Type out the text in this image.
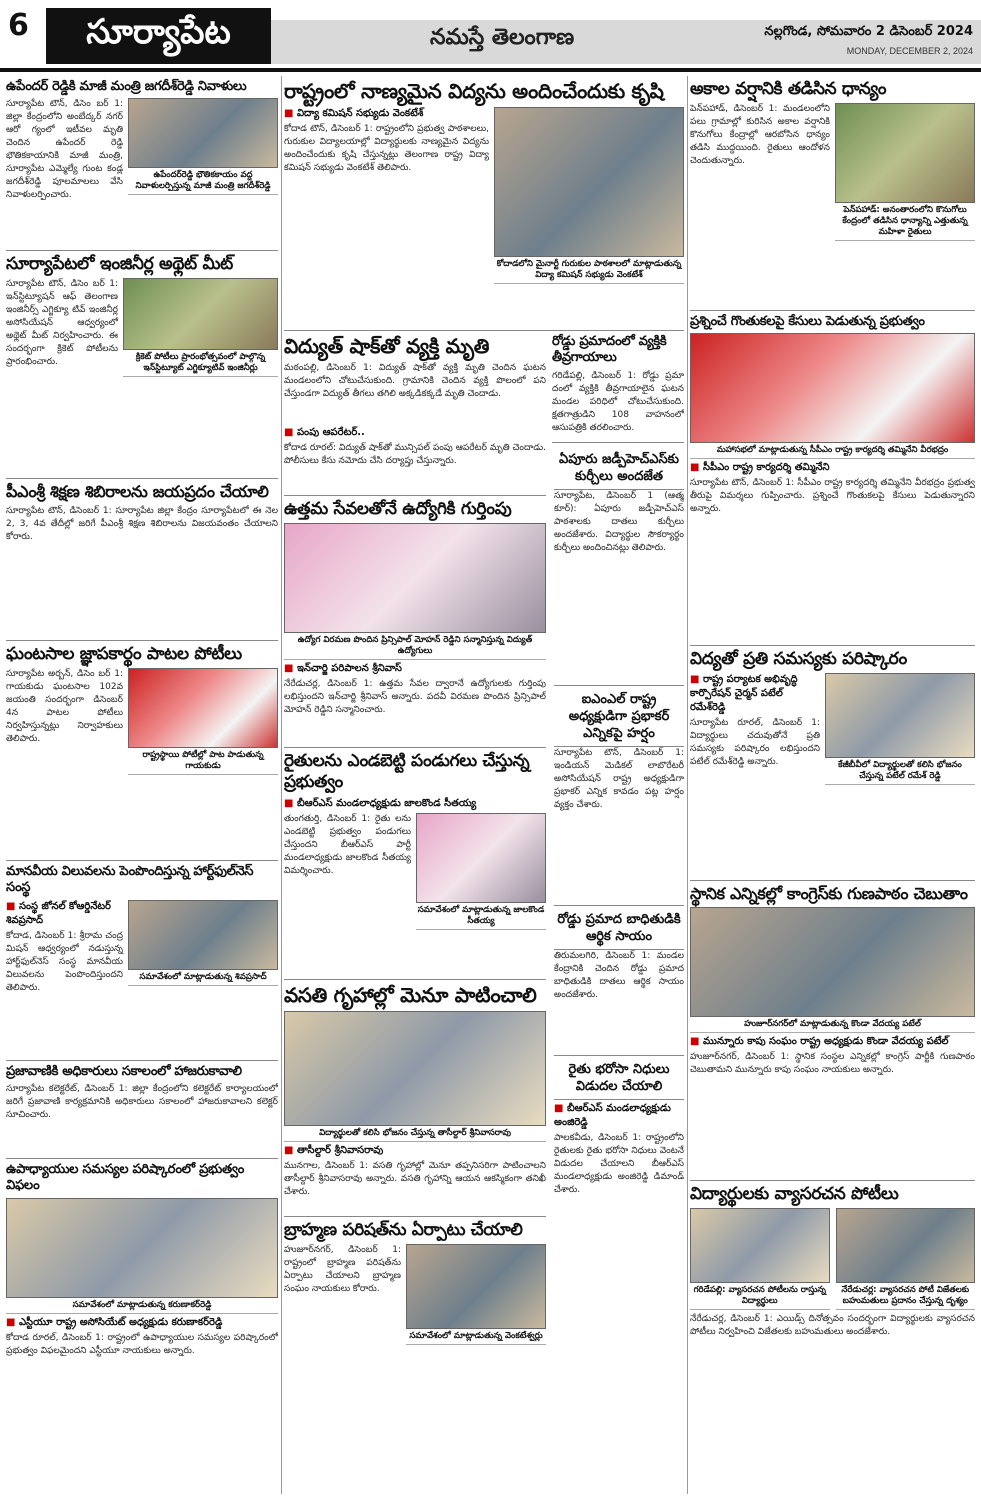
6	సూర్యాపేట	నమస్తే తెలంగాణ	నల్లగొండ, సోమవారం 2 డిసెంబర్ 2024
MONDAY, DECEMBER 2, 2024
ఉపేందర్ రెడ్డికి మాజీ మంత్రి జగదీశ్‌రెడ్డి నివాళులు
ఉపేందర్‌రెడ్డి భౌతికకాయం వద్ద నివాళులర్పిస్తున్న మాజీ మంత్రి జగదీశ్‌రెడ్డి
సూర్యాపేట టౌన్, డిసెం బర్ 1: జిల్లా కేంద్రంలోని అంబేద్కర్ నగర్ ఆరో గ్యంలో ఇటీవల మృతి చెందిన ఉపేందర్ రెడ్డి భౌతికకాయానికి మాజీ మంత్రి, సూర్యాపేట ఎమ్మెల్యే గుంట కండ్ల జగదీశ్‌రెడ్డి పూలమాలలు వేసి నివాళులర్పించారు.
సూర్యాపేటలో ఇంజినీర్ల అథ్లెట్ మీట్
క్రికెట్ పోటీలు ప్రారంభోత్సవంలో పాల్గొన్న ఇన్‌స్టిట్యూట్ ఎగ్జిక్యూటివ్ ఇంజినీర్లు
సూర్యాపేట టౌన్, డిసెం బర్ 1: ఇన్‌స్టిట్యూషన్ ఆఫ్ తెలంగాణ ఇంజినీర్స్ ఎగ్జిక్యూ టివ్ ఇంజినీర్ల అసోసియేషన్ ఆధ్వర్యంలో అథ్లెట్ మీట్ నిర్వహించారు. ఈ సందర్భంగా క్రికెట్ పోటీలను ప్రారంభించారు.
పీఎంశ్రీ శిక్షణ శిబిరాలను జయప్రదం చేయాలి
సూర్యాపేట టౌన్, డిసెంబర్ 1: సూర్యాపేట జిల్లా కేంద్రం సూర్యాపేటలో ఈ నెల 2, 3, 4వ తేదీల్లో జరిగే పీఎంశ్రీ శిక్షణ శిబిరాలను విజయవంతం చేయాలని కోరారు.
ఘంటసాల జ్ఞాపకార్థం పాటల పోటీలు
రాష్ట్రస్థాయి పోటీల్లో పాట పాడుతున్న గాయకుడు
సూర్యాపేట అర్బన్, డిసెం బర్ 1: గాయకుడు ఘంటసాల 102వ జయంతి సందర్భంగా డిసెంబర్ 4న పాటల పోటీలు నిర్వహిస్తున్నట్లు నిర్వాహకులు తెలిపారు.
మానవీయ విలువలను పెంపొందిస్తున్న హార్ట్‌ఫుల్‌నెస్ సంస్థ
సమావేశంలో మాట్లాడుతున్న శివప్రసాద్
■ సంస్థ జోనల్ కోఆర్డినేటర్ శివప్రసాద్
కోదాడ, డిసెంబర్ 1: శ్రీరామ చంద్ర మిషన్ ఆధ్వర్యంలో నడుస్తున్న హార్ట్‌ఫుల్‌నెస్ సంస్థ మానవీయ విలువలను పెంపొందిస్తుందని తెలిపారు.
ప్రజావాణికి అధికారులు సకాలంలో హాజరుకావాలి
సూర్యాపేట కలెక్టరేట్, డిసెంబర్ 1: జిల్లా కేంద్రంలోని కలెక్టరేట్ కార్యాలయంలో జరిగే ప్రజావాణి కార్యక్రమానికి అధికారులు సకాలంలో హాజరుకావాలని కలెక్టర్ సూచించారు.
ఉపాధ్యాయుల సమస్యల పరిష్కారంలో ప్రభుత్వం విఫలం
సమావేశంలో మాట్లాడుతున్న కరుణాకర్‌రెడ్డి
■ ఎస్టీయూ రాష్ట్ర అసోసియేట్ అధ్యక్షుడు కరుణాకర్‌రెడ్డి
కోదాడ రూరల్, డిసెంబర్ 1: రాష్ట్రంలో ఉపాధ్యాయుల సమస్యల పరిష్కారంలో ప్రభుత్వం విఫలమైందని ఎస్టీయూ నాయకులు అన్నారు.
రాష్ట్రంలో నాణ్యమైన విద్యను అందించేందుకు కృషి
కోదాడలోని మైనార్టీ గురుకుల పాఠశాలలో మాట్లాడుతున్న విద్యా కమిషన్ సభ్యుడు వెంకటేశ్
■ విద్యా కమిషన్ సభ్యుడు వెంకటేశ్
కోదాడ టౌన్, డిసెంబర్ 1: రాష్ట్రంలోని ప్రభుత్వ పాఠశాలలు, గురుకుల విద్యాలయాల్లో విద్యార్థులకు నాణ్యమైన విద్యను అందించేందుకు కృషి చేస్తున్నట్లు తెలంగాణ రాష్ట్ర విద్యా కమిషన్ సభ్యుడు వెంకటేశ్ తెలిపారు.
విద్యుత్ షాక్‌తో వ్యక్తి మృతి
మఠంపల్లి, డిసెంబర్ 1: విద్యుత్ షాక్‌తో వ్యక్తి మృతి చెందిన ఘటన మండలంలోని చోటుచేసుకుంది. గ్రామానికి చెందిన వ్యక్తి పొలంలో పని చేస్తుండగా విద్యుత్ తీగలు తగిలి అక్కడికక్కడే మృతి చెందాడు.
రోడ్డు ప్రమాదంలో వ్యక్తికి తీవ్రగాయాలు
గరిడేపల్లి, డిసెంబర్ 1: రోడ్డు ప్రమా దంలో వ్యక్తికి తీవ్రగాయాలైన ఘటన మండల పరిధిలో చోటుచేసుకుంది. క్షతగాత్రుడిని 108 వాహనంలో ఆసుపత్రికి తరలించారు.
ఉత్తమ సేవలతోనే ఉద్యోగికి గుర్తింపు
ఉద్యోగ విరమణ పొందిన ప్రిన్సిపాల్ మోహన్ రెడ్డిని సన్మానిస్తున్న విద్యుత్ ఉద్యోగులు
■ ఇన్‌చార్జి పరిపాలన శ్రీనివాస్
నేరేడుచర్ల, డిసెంబర్ 1: ఉత్తమ సేవల ద్వారానే ఉద్యోగులకు గుర్తింపు లభిస్తుందని ఇన్‌చార్జి శ్రీనివాస్ అన్నారు. పదవీ విరమణ పొందిన ప్రిన్సిపాల్ మోహన్ రెడ్డిని సన్మానించారు.
రైతులను ఎండబెట్టి పండుగలు చేస్తున్న ప్రభుత్వం
■ బీఆర్ఎస్ మండలాధ్యక్షుడు జాలకొండ సీతయ్య
సమావేశంలో మాట్లాడుతున్న జాలకొండ సీతయ్య
తుంగతుర్తి, డిసెంబర్ 1: రైతు లను ఎండబెట్టి ప్రభుత్వం పండుగలు చేస్తుందని బీఆర్ఎస్ పార్టీ మండలాధ్యక్షుడు జాలకొండ సీతయ్య విమర్శించారు.
వసతి గృహాల్లో మెనూ పాటించాలి
విద్యార్థులతో కలిసి భోజనం చేస్తున్న తాసీల్దార్ శ్రీనివాసరావు
■ తాసీల్దార్ శ్రీనివాసరావు
మునగాల, డిసెంబర్ 1: వసతి గృహాల్లో మెనూ తప్పనిసరిగా పాటించాలని తాసీల్దార్ శ్రీనివాసరావు అన్నారు. వసతి గృహాన్ని ఆయన ఆకస్మికంగా తనిఖీ చేశారు.
బ్రాహ్మణ పరిషత్‌ను ఏర్పాటు చేయాలి
సమావేశంలో మాట్లాడుతున్న వెంకటేశ్వర్లు
హుజూర్‌నగర్, డిసెంబర్ 1: రాష్ట్రంలో బ్రాహ్మణ పరిషత్‌ను ఏర్పాటు చేయాలని బ్రాహ్మణ సంఘం నాయకులు కోరారు.
ఏపూరు జడ్పీహెచ్‌ఎస్‌కు కుర్చీలు అందజేత
సూర్యాపేట, డిసెంబర్ 1 (ఆత్మ కూర్): ఏపూరు జడ్పీహెచ్‌ఎస్ పాఠశాలకు దాతలు కుర్చీలు అందజేశారు. విద్యార్థుల సౌకర్యార్థం కుర్చీలు అందించినట్లు తెలిపారు.
ఐఎంఎల్ రాష్ట్ర అధ్యక్షుడిగా ప్రభాకర్ ఎన్నికపై హర్షం
సూర్యాపేట టౌన్, డిసెంబర్ 1: ఇండియన్ మెడికల్ లాబొరేటరీ అసోసియేషన్ రాష్ట్ర అధ్యక్షుడిగా ప్రభాకర్ ఎన్నిక కావడం పట్ల హర్షం వ్యక్తం చేశారు.
రోడ్డు ప్రమాద బాధితుడికి ఆర్థిక సాయం
తిరుమలగిరి, డిసెంబర్ 1: మండల కేంద్రానికి చెందిన రోడ్డు ప్రమాద బాధితుడికి దాతలు ఆర్థిక సాయం అందజేశారు.
రైతు భరోసా నిధులు విడుదల చేయాలి
■ బీఆర్ఎస్ మండలాధ్యక్షుడు అంజిరెడ్డి
పాలకవీడు, డిసెంబర్ 1: రాష్ట్రంలోని రైతులకు రైతు భరోసా నిధులు వెంటనే విడుదల చేయాలని బీఆర్ఎస్ మండలాధ్యక్షుడు అంజిరెడ్డి డిమాండ్ చేశారు.
■ పంపు ఆపరేటర్..
కోదాడ రూరల్: విద్యుత్ షాక్‌తో మున్సిపల్ పంపు ఆపరేటర్ మృతి చెందాడు. పోలీసులు కేసు నమోదు చేసి దర్యాప్తు చేస్తున్నారు.
అకాల వర్షానికి తడిసిన ధాన్యం
పెన్‌పహాడ్: అనంతారంలోని కొనుగోలు కేంద్రంలో తడిసిన ధాన్యాన్ని ఎత్తుతున్న మహిళా రైతులు
పెన్‌పహాడ్, డిసెంబర్ 1: మండలంలోని పలు గ్రామాల్లో కురిసిన అకాల వర్షానికి కొనుగోలు కేంద్రాల్లో ఆరబోసిన ధాన్యం తడిసి ముద్దయింది. రైతులు ఆందోళన చెందుతున్నారు.
ప్రశ్నించే గొంతుకలపై కేసులు పెడుతున్న ప్రభుత్వం
మహాసభలో మాట్లాడుతున్న సీపీఎం రాష్ట్ర కార్యదర్శి తమ్మినేని వీరభద్రం
■ సీపీఎం రాష్ట్ర కార్యదర్శి తమ్మినేని
సూర్యాపేట టౌన్, డిసెంబర్ 1: సీపీఎం రాష్ట్ర కార్యదర్శి తమ్మినేని వీరభద్రం ప్రభుత్వ తీరుపై విమర్శలు గుప్పించారు. ప్రశ్నించే గొంతుకలపై కేసులు పెడుతున్నారని అన్నారు.
విద్యతో ప్రతి సమస్యకు పరిష్కారం
కేజీబీవీలో విద్యార్థులతో కలిసి భోజనం చేస్తున్న పటేల్ రమేశ్ రెడ్డి
■ రాష్ట్ర పర్యాటక అభివృద్ధి కార్పొరేషన్ చైర్మన్ పటేల్ రమేశ్‌రెడ్డి
సూర్యాపేట రూరల్, డిసెంబర్ 1: విద్యార్థులు చదువుతోనే ప్రతి సమస్యకు పరిష్కారం లభిస్తుందని పటేల్ రమేశ్‌రెడ్డి అన్నారు.
స్థానిక ఎన్నికల్లో కాంగ్రెస్‌కు గుణపాఠం చెబుతాం
హుజూర్‌నగర్‌లో మాట్లాడుతున్న కొండా వేదయ్య పటేల్
■ మున్నూరు కాపు సంఘం రాష్ట్ర అధ్యక్షుడు కొండా వేదయ్య పటేల్
హుజూర్‌నగర్, డిసెంబర్ 1: స్థానిక సంస్థల ఎన్నికల్లో కాంగ్రెస్ పార్టీకి గుణపాఠం చెబుతామని మున్నూరు కాపు సంఘం నాయకులు అన్నారు.
విద్యార్థులకు వ్యాసరచన పోటీలు
గరిడేపల్లి: వ్యాసరచన పోటీలను రాస్తున్న విద్యార్థులు
నేరేడుచర్ల: వ్యాసరచన పోటీ విజేతలకు బహుమతులు ప్రదానం చేస్తున్న దృశ్యం
నేరేడుచర్ల, డిసెంబర్ 1: ఎయిడ్స్ దినోత్సవం సందర్భంగా విద్యార్థులకు వ్యాసరచన పోటీలు నిర్వహించి విజేతలకు బహుమతులు అందజేశారు.
